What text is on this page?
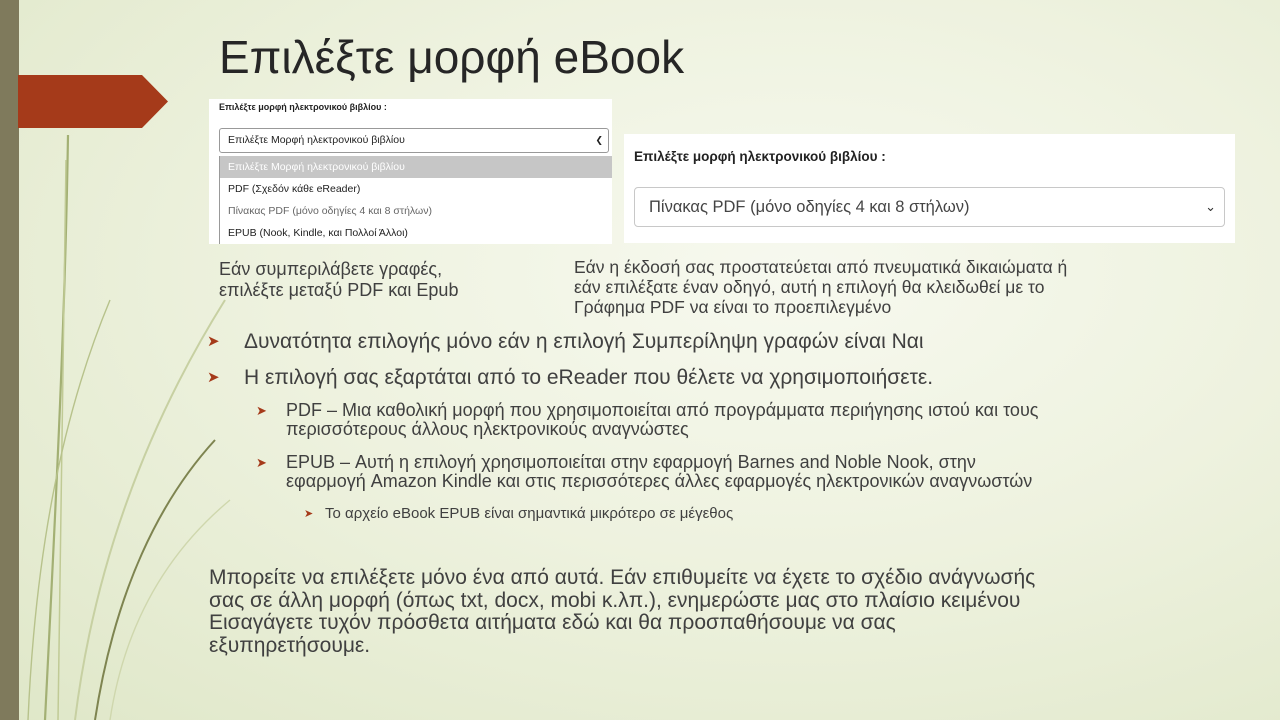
Επιλέξτε μορφή eBook
Επιλέξτε μορφή ηλεκτρονικού βιβλίου :
Επιλέξτε Μορφή ηλεκτρονικού βιβλίου	❮
Επιλέξτε Μορφή ηλεκτρονικού βιβλίου
PDF (Σχεδόν κάθε eReader)
Πίνακας PDF (μόνο οδηγίες 4 και 8 στήλων)
EPUB (Nook, Kindle, και Πολλοί Άλλοι)
Επιλέξτε μορφή ηλεκτρονικού βιβλίου :
Πίνακας PDF (μόνο οδηγίες 4 και 8 στήλων)	⌄
Εάν συμπεριλάβετε γραφές,
επιλέξτε μεταξύ PDF και Epub
Εάν η έκδοσή σας προστατεύεται από πνευματικά δικαιώματα ή
εάν επιλέξατε έναν οδηγό, αυτή η επιλογή θα κλειδωθεί με το
Γράφημα PDF να είναι το προεπιλεγμένο
➤ Δυνατότητα επιλογής μόνο εάν η επιλογή Συμπερίληψη γραφών είναι Ναι
➤ Η επιλογή σας εξαρτάται από το eReader που θέλετε να χρησιμοποιήσετε.
➤ PDF – Μια καθολική μορφή που χρησιμοποιείται από προγράμματα περιήγησης ιστού και τους
περισσότερους άλλους ηλεκτρονικούς αναγνώστες
➤ EPUB – Αυτή η επιλογή χρησιμοποιείται στην εφαρμογή Barnes and Noble Nook, στην
εφαρμογή Amazon Kindle και στις περισσότερες άλλες εφαρμογές ηλεκτρονικών αναγνωστών
➤ Το αρχείο eBook EPUB είναι σημαντικά μικρότερο σε μέγεθος
Μπορείτε να επιλέξετε μόνο ένα από αυτά. Εάν επιθυμείτε να έχετε το σχέδιο ανάγνωσής
σας σε άλλη μορφή (όπως txt, docx, mobi κ.λπ.), ενημερώστε μας στο πλαίσιο κειμένου
Εισαγάγετε τυχόν πρόσθετα αιτήματα εδώ και θα προσπαθήσουμε να σας
εξυπηρετήσουμε.
